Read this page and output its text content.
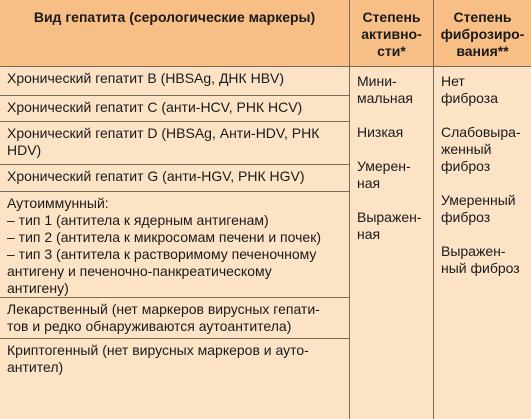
Вид гепатита (серологические маркеры)	Степень
активно-
сти*
Степень
фиброзиро-
вания**
Хронический гепатит В (HBSAg, ДНК HBV)
Хронический гепатит С (анти-HCV, РНК HCV)
Хронический гепатит D (HBSAg, Анти-HDV, РНК
HDV)
Хронический гепатит G (анти-HGV, РНК HGV)
Аутоиммунный:
– тип 1 (антитела к ядерным антигенам)
– тип 2 (антитела к микросомам печени и почек)
– тип 3 (антитела к растворимому печеночному
антигену и печеночно-панкреатическому
антигену)
Лекарственный (нет маркеров вирусных гепати-
тов и редко обнаруживаются аутоантитела)
Криптогенный (нет вирусных маркеров и ауто-
антител)
Мини-
мальная
Низкая
Умерен-
ная
Выражен-
ная
Нет
фиброза
Слабовыра-
женный
фиброз
Умеренный
фиброз
Выражен-
ный фиброз
